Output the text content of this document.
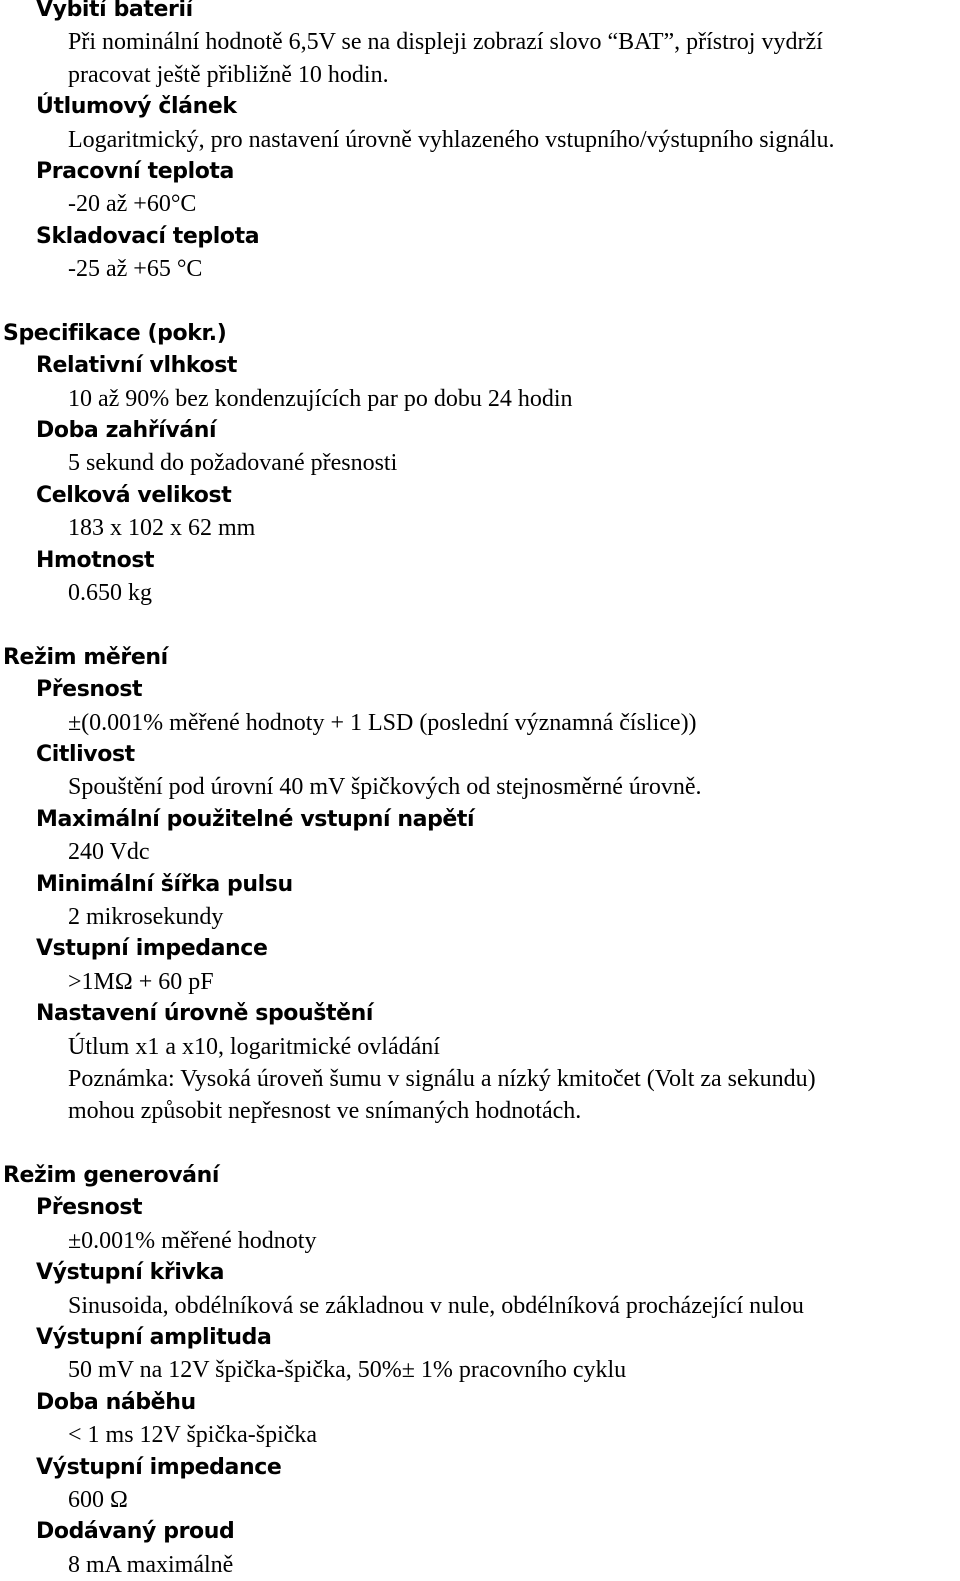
Vybití baterií
Při nominální hodnotě 6,5V se na displeji zobrazí slovo “BAT”, přístroj vydrží
pracovat ještě přibližně 10 hodin.
Útlumový článek
Logaritmický, pro nastavení úrovně vyhlazeného vstupního/výstupního signálu.
Pracovní teplota
-20 až +60°C
Skladovací teplota
-25 až +65 °C
Specifikace (pokr.)
Relativní vlhkost
10 až 90% bez kondenzujících par po dobu 24 hodin
Doba zahřívání
5 sekund do požadované přesnosti
Celková velikost
183 x 102 x 62 mm
Hmotnost
0.650 kg
Režim měření
Přesnost
±(0.001% měřené hodnoty + 1 LSD (poslední významná číslice))
Citlivost
Spouštění pod úrovní 40 mV špičkových od stejnosměrné úrovně.
Maximální použitelné vstupní napětí
240 Vdc
Minimální šířka pulsu
2 mikrosekundy
Vstupní impedance
>1MΩ + 60 pF
Nastavení úrovně spouštění
Útlum x1 a x10, logaritmické ovládání
Poznámka: Vysoká úroveň šumu v signálu a nízký kmitočet (Volt za sekundu)
mohou způsobit nepřesnost ve snímaných hodnotách.
Režim generování
Přesnost
±0.001% měřené hodnoty
Výstupní křivka
Sinusoida, obdélníková se základnou v nule, obdélníková procházející nulou
Výstupní amplituda
50 mV na 12V špička-špička, 50%± 1% pracovního cyklu
Doba náběhu
< 1 ms 12V špička-špička
Výstupní impedance
600 Ω
Dodávaný proud
8 mA maximálně
